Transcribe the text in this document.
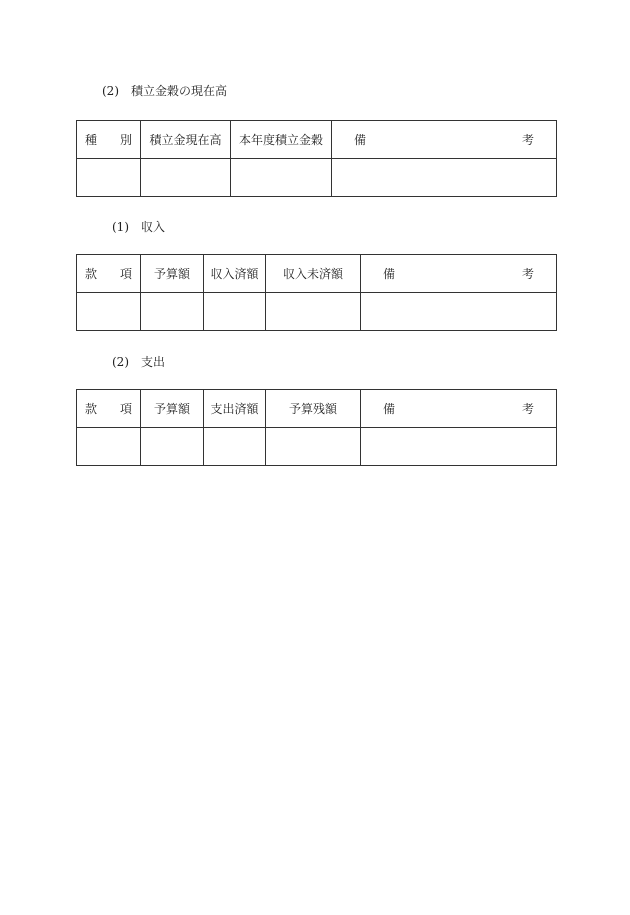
(2) 積立金穀の現在高
種 別	積立金現在高	本年度積立金穀	備 考

(1) 収入
款 項	予算額	収入済額	収入未済額	備 考

(2) 支出
款 項	予算額	支出済額	予算残額	備 考
